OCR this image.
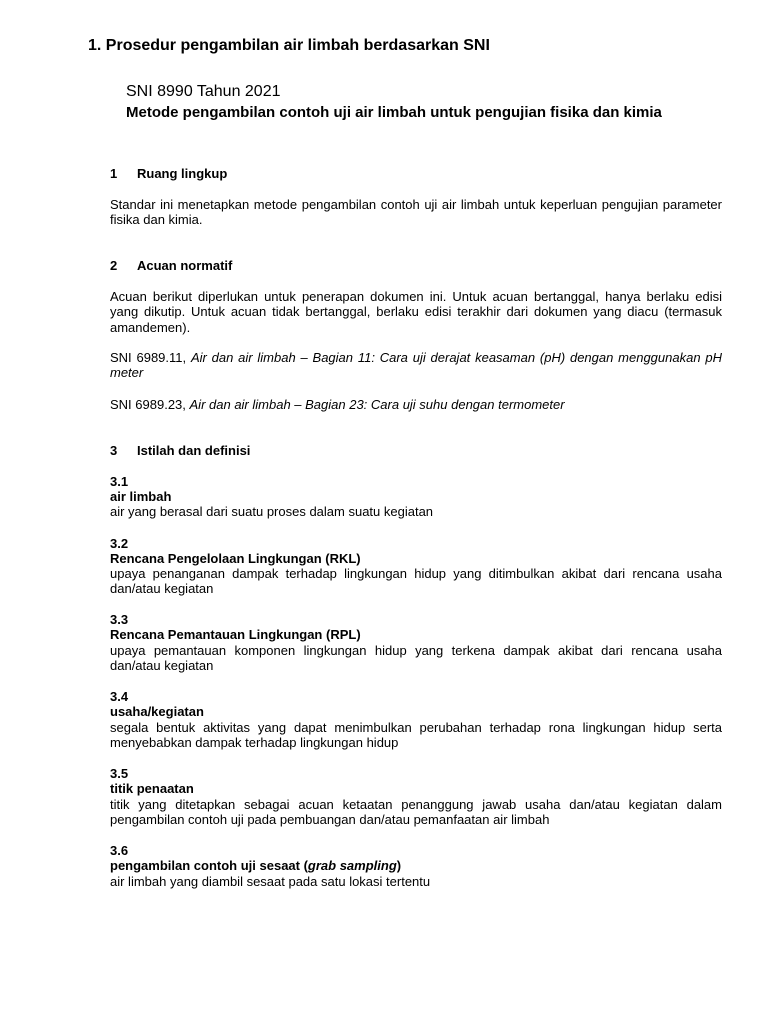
1. Prosedur pengambilan air limbah berdasarkan SNI
SNI 8990 Tahun 2021
Metode pengambilan contoh uji air limbah untuk pengujian fisika dan kimia
1 Ruang lingkup
Standar ini menetapkan metode pengambilan contoh uji air limbah untuk keperluan pengujian parameter fisika dan kimia.
2 Acuan normatif
Acuan berikut diperlukan untuk penerapan dokumen ini. Untuk acuan bertanggal, hanya berlaku edisi yang dikutip. Untuk acuan tidak bertanggal, berlaku edisi terakhir dari dokumen yang diacu (termasuk amandemen).
SNI 6989.11, Air dan air limbah – Bagian 11: Cara uji derajat keasaman (pH) dengan menggunakan pH meter
SNI 6989.23, Air dan air limbah – Bagian 23: Cara uji suhu dengan termometer
3 Istilah dan definisi
3.1
air limbah
air yang berasal dari suatu proses dalam suatu kegiatan
3.2
Rencana Pengelolaan Lingkungan (RKL)
upaya penanganan dampak terhadap lingkungan hidup yang ditimbulkan akibat dari rencana usaha dan/atau kegiatan
3.3
Rencana Pemantauan Lingkungan (RPL)
upaya pemantauan komponen lingkungan hidup yang terkena dampak akibat dari rencana usaha dan/atau kegiatan
3.4
usaha/kegiatan
segala bentuk aktivitas yang dapat menimbulkan perubahan terhadap rona lingkungan hidup serta menyebabkan dampak terhadap lingkungan hidup
3.5
titik penaatan
titik yang ditetapkan sebagai acuan ketaatan penanggung jawab usaha dan/atau kegiatan dalam pengambilan contoh uji pada pembuangan dan/atau pemanfaatan air limbah
3.6
pengambilan contoh uji sesaat (grab sampling)
air limbah yang diambil sesaat pada satu lokasi tertentu
